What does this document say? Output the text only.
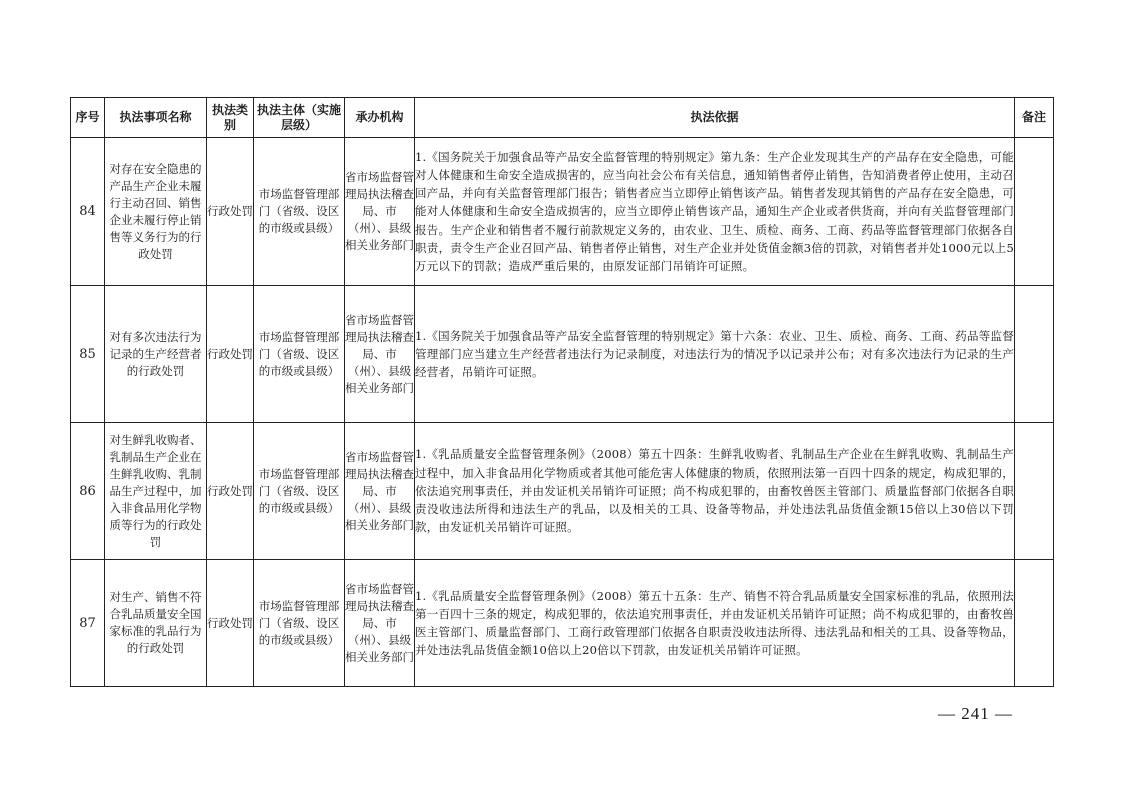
序号	执法事项名称	执法类别	执法主体（实施层级）	承办机构	执法依据	备注
84	对存在安全隐患的产品生产企业未履行主动召回、销售企业未履行停止销售等义务行为的行政处罚	行政处罚	市场监督管理部门（省级、设区的市级或县级）	省市场监督管理局执法稽查局、市（州）、县级相关业务部门	1.《国务院关于加强食品等产品安全监督管理的特别规定》第九条：生产企业发现其生产的产品存在安全隐患，可能对人体健康和生命安全造成损害的，应当向社会公布有关信息，通知销售者停止销售，告知消费者停止使用，主动召回产品，并向有关监督管理部门报告；销售者应当立即停止销售该产品。销售者发现其销售的产品存在安全隐患，可能对人体健康和生命安全造成损害的，应当立即停止销售该产品，通知生产企业或者供货商，并向有关监督管理部门报告。生产企业和销售者不履行前款规定义务的，由农业、卫生、质检、商务、工商、药品等监督管理部门依据各自职责，责令生产企业召回产品、销售者停止销售，对生产企业并处货值金额3倍的罚款，对销售者并处1000元以上5万元以下的罚款；造成严重后果的，由原发证部门吊销许可证照。	
85	对有多次违法行为记录的生产经营者的行政处罚	行政处罚	市场监督管理部门（省级、设区的市级或县级）	省市场监督管理局执法稽查局、市（州）、县级相关业务部门	1.《国务院关于加强食品等产品安全监督管理的特别规定》第十六条：农业、卫生、质检、商务、工商、药品等监督管理部门应当建立生产经营者违法行为记录制度，对违法行为的情况予以记录并公布；对有多次违法行为记录的生产经营者，吊销许可证照。	
86	对生鲜乳收购者、乳制品生产企业在生鲜乳收购、乳制品生产过程中，加入非食品用化学物质等行为的行政处罚	行政处罚	市场监督管理部门（省级、设区的市级或县级）	省市场监督管理局执法稽查局、市（州）、县级相关业务部门	1.《乳品质量安全监督管理条例》（2008）第五十四条：生鲜乳收购者、乳制品生产企业在生鲜乳收购、乳制品生产过程中，加入非食品用化学物质或者其他可能危害人体健康的物质，依照刑法第一百四十四条的规定，构成犯罪的，依法追究刑事责任，并由发证机关吊销许可证照；尚不构成犯罪的，由畜牧兽医主管部门、质量监督部门依据各自职责没收违法所得和违法生产的乳品，以及相关的工具、设备等物品，并处违法乳品货值金额15倍以上30倍以下罚款，由发证机关吊销许可证照。	
87	对生产、销售不符合乳品质量安全国家标准的乳品行为的行政处罚	行政处罚	市场监督管理部门（省级、设区的市级或县级）	省市场监督管理局执法稽查局、市（州）、县级相关业务部门	1.《乳品质量安全监督管理条例》（2008）第五十五条：生产、销售不符合乳品质量安全国家标准的乳品，依照刑法第一百四十三条的规定，构成犯罪的，依法追究刑事责任，并由发证机关吊销许可证照；尚不构成犯罪的，由畜牧兽医主管部门、质量监督部门、工商行政管理部门依据各自职责没收违法所得、违法乳品和相关的工具、设备等物品，并处违法乳品货值金额10倍以上20倍以下罚款，由发证机关吊销许可证照。	
— 241 —
